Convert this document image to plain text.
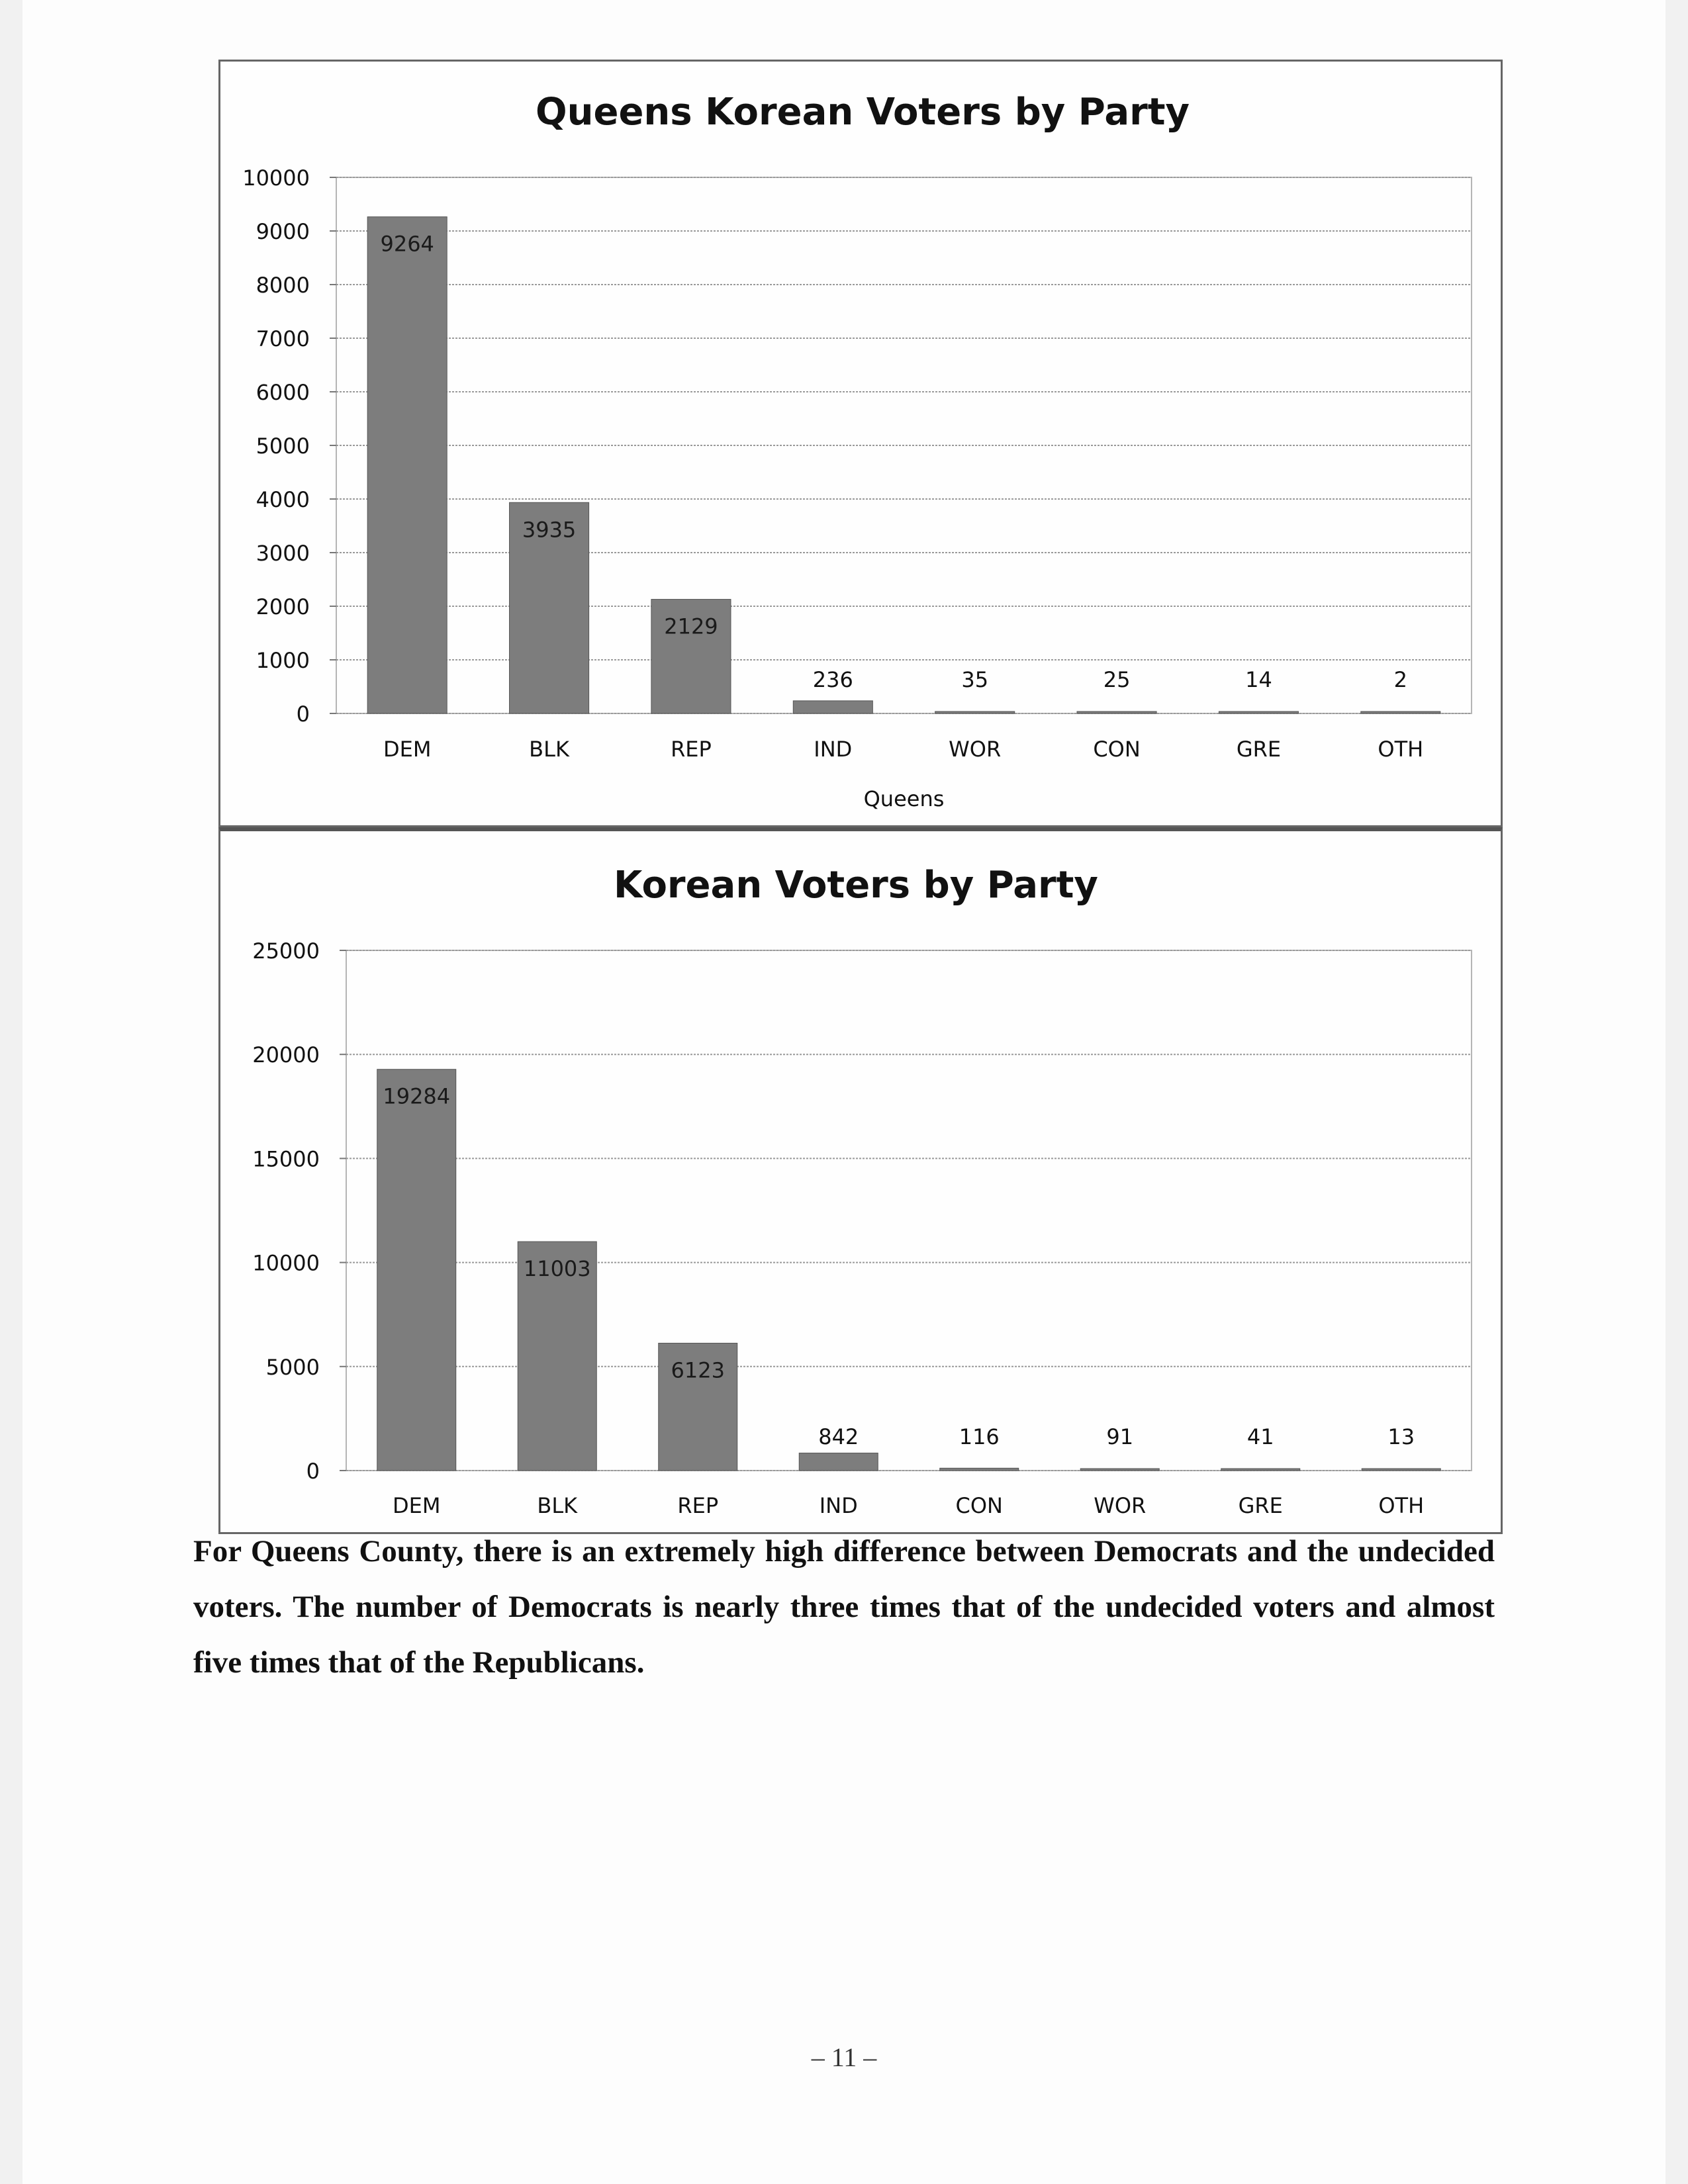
Queens Korean Voters by Party
0
1000
2000
3000
4000
5000
6000
7000
8000
9000
10000
9264
DEM
3935
BLK
2129
REP
236
IND
35
WOR
25
CON
14
GRE
2
OTH
Queens
Korean Voters by Party
0
5000
10000
15000
20000
25000
19284
DEM
11003
BLK
6123
REP
842
IND
116
CON
91
WOR
41
GRE
13
OTH

For Queens County, there is an extremely high difference between Democrats and the undecided voters. The number of Democrats is nearly three times that of the undecided voters and almost five times that of the Republicans.

– 11 –
